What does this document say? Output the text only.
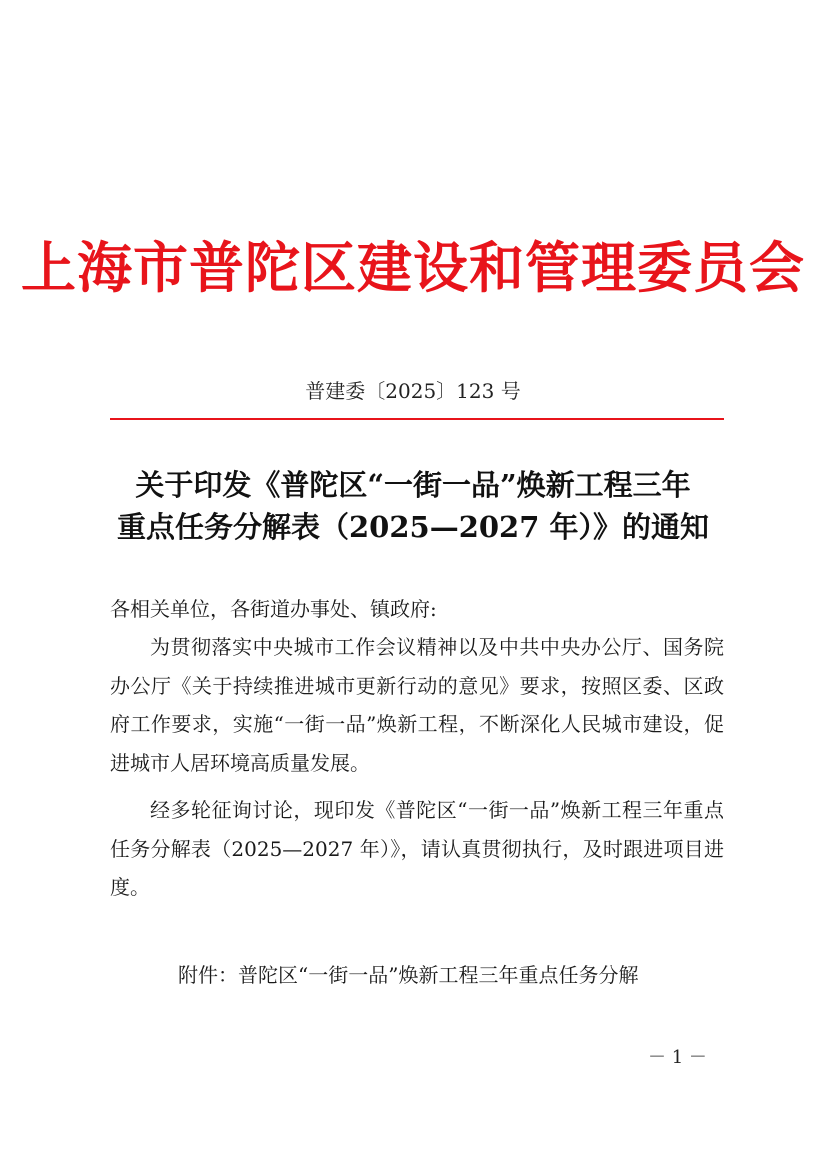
上海市普陀区建设和管理委员会
普建委〔2025〕123 号
关于印发《普陀区“一街一品”焕新工程三年
重点任务分解表（2025—2027 年）》的通知
各相关单位，各街道办事处、镇政府:
为贯彻落实中央城市工作会议精神以及中共中央办公厅、国务院办公厅《关于持续推进城市更新行动的意见》要求，按照区委、区政府工作要求，实施“一街一品”焕新工程，不断深化人民城市建设，促进城市人居环境高质量发展。
经多轮征询讨论，现印发《普陀区“一街一品”焕新工程三年重点任务分解表（2025—2027 年）》，请认真贯彻执行，及时跟进项目进度。
附件：普陀区“一街一品”焕新工程三年重点任务分解
－ 1 －
